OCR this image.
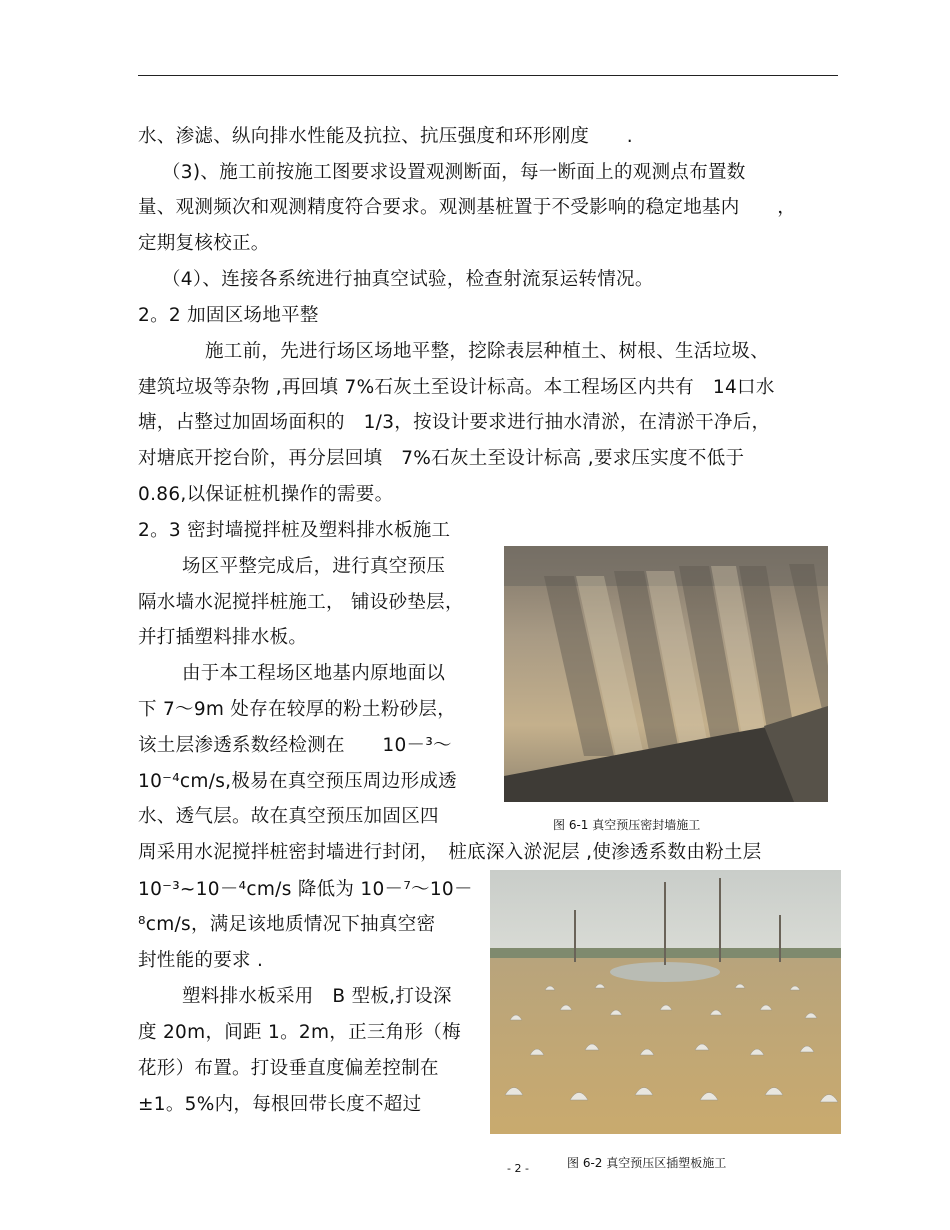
水、渗滤、纵向排水性能及抗拉、抗压强度和环形刚度　　.
（3)、施工前按施工图要求设置观测断面，每一断面上的观测点布置数
量、观测频次和观测精度符合要求。观测基桩置于不受影响的稳定地基内　　，
定期复核校正。
（4）、连接各系统进行抽真空试验，检查射流泵运转情况。
2。2 加固区场地平整
施工前，先进行场区场地平整，挖除表层种植土、树根、生活垃圾、
建筑垃圾等杂物 ,再回填 7%石灰土至设计标高。本工程场区内共有　14口水
塘，占整过加固场面积的　1/3，按设计要求进行抽水清淤，在清淤干净后，
对塘底开挖台阶，再分层回填　7%石灰土至设计标高 ,要求压实度不低于
0.86,以保证桩机操作的需要。
2。3 密封墙搅拌桩及塑料排水板施工
场区平整完成后，进行真空预压
隔水墙水泥搅拌桩施工， 铺设砂垫层，
并打插塑料排水板。
由于本工程场区地基内原地面以
下 7～9m 处存在较厚的粉土粉砂层，
该土层渗透系数经检测在　　10－³～
10⁻⁴cm/s,极易在真空预压周边形成透
水、透气层。故在真空预压加固区四
周采用水泥搅拌桩密封墙进行封闭，　桩底深入淤泥层 ,使渗透系数由粉土层
10⁻³~10－⁴cm/s 降低为 10－⁷～10－
⁸cm/s，满足该地质情况下抽真空密
封性能的要求 .
塑料排水板采用　B 型板,打设深
度 20m，间距 1。2m，正三角形（梅
花形）布置。打设垂直度偏差控制在
±1。5%内，每根回带长度不超过
图 6-1 真空预压密封墙施工
图 6-2 真空预压区插塑板施工
- 2 -
